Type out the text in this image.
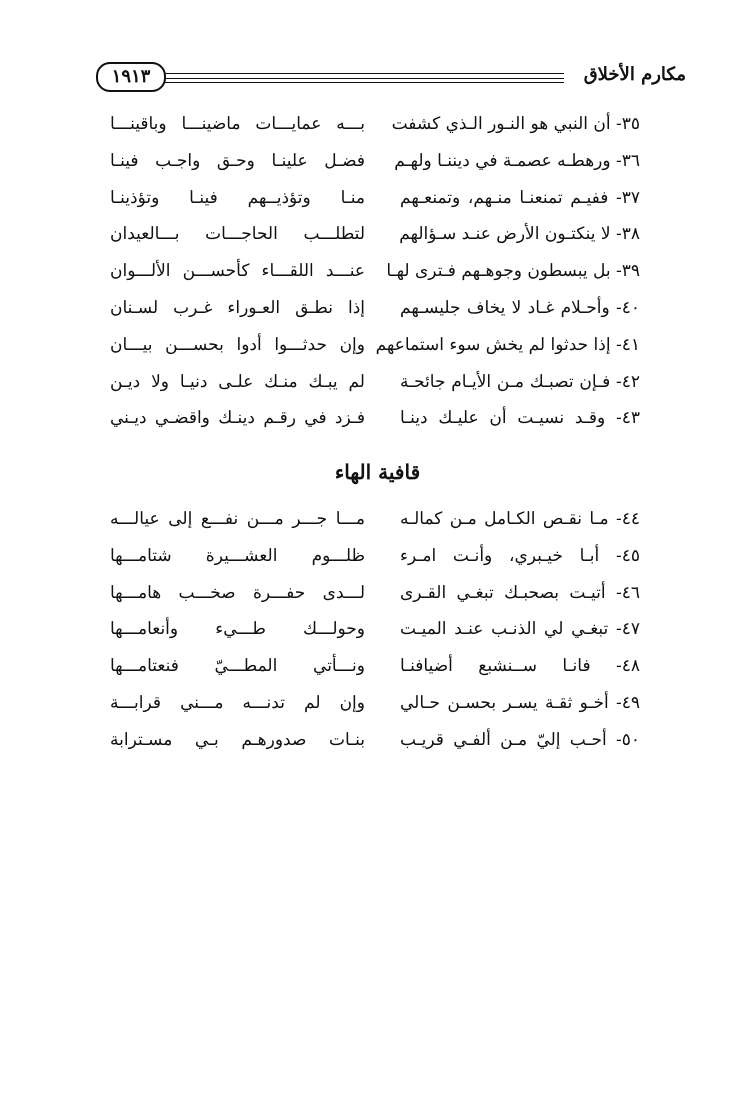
مكارم الأخلاق
١٩١٣
٣٥- أن النبي هو النـور الـذي كشفت
بـــه عمايـــات ماضينـــا وباقينـــا
٣٦- ورهطـه عصمـة في ديننـا ولهـم
فضـل علينـا وحـق واجـب فينـا
٣٧- ففيـم تمنعنـا منـهم، وتمنعـهم
منـا وتؤذيــهم فينـا وتؤذينـا
٣٨- لا ينكتـون الأرض عنـد سـؤالهم
لتطلـــب الحاجـــات بـــالعيدان
٣٩- بل يبسطون وجوهـهم فـترى لهـا
عنـــد اللقـــاء كأحســـن الألـــوان
٤٠- وأحـلام غـاد لا يخاف جليسـهم
إذا نطـق العـوراء غـرب لسـنان
٤١- إذا حدثوا لم يخش سوء استماعهم
وإن حدثـــوا أدوا بحســـن بيـــان
٤٢- فـإن تصبـك مـن الأيـام جائحـة
لم يبـك منـك علـى دنيـا ولا ديـن
٤٣- وقـد نسيـت أن عليـك دينـا
فـزد في رقـم دينـك واقضـي ديـني
قافية الهاء
٤٤- مـا نقـص الكـامل مـن كمالـه
مـــا جـــر مـــن نفـــع إلى عيالـــه
٤٥- أبـا خيـبري، وأنـت امـرء
ظلـــوم العشـــيرة شتامـــها
٤٦- أتيـت بصحبـك تبغـي القـرى
لـــدى حفـــرة صخـــب هامـــها
٤٧- تبغـي لي الذنـب عنـد الميـت
وحولـــك طـــيء وأنعامـــها
٤٨- فانـا ســنشبع أضيافنـا
ونـــأتي المطـــيّ فنعتامـــها
٤٩- أخـو ثقـة يسـر بحسـن حـالي
وإن لم تدنـــه مـــني قرابـــة
٥٠- أحـب إليّ مـن ألفـي قريـب
بنـات صدورهـم بـي مسـترابة
